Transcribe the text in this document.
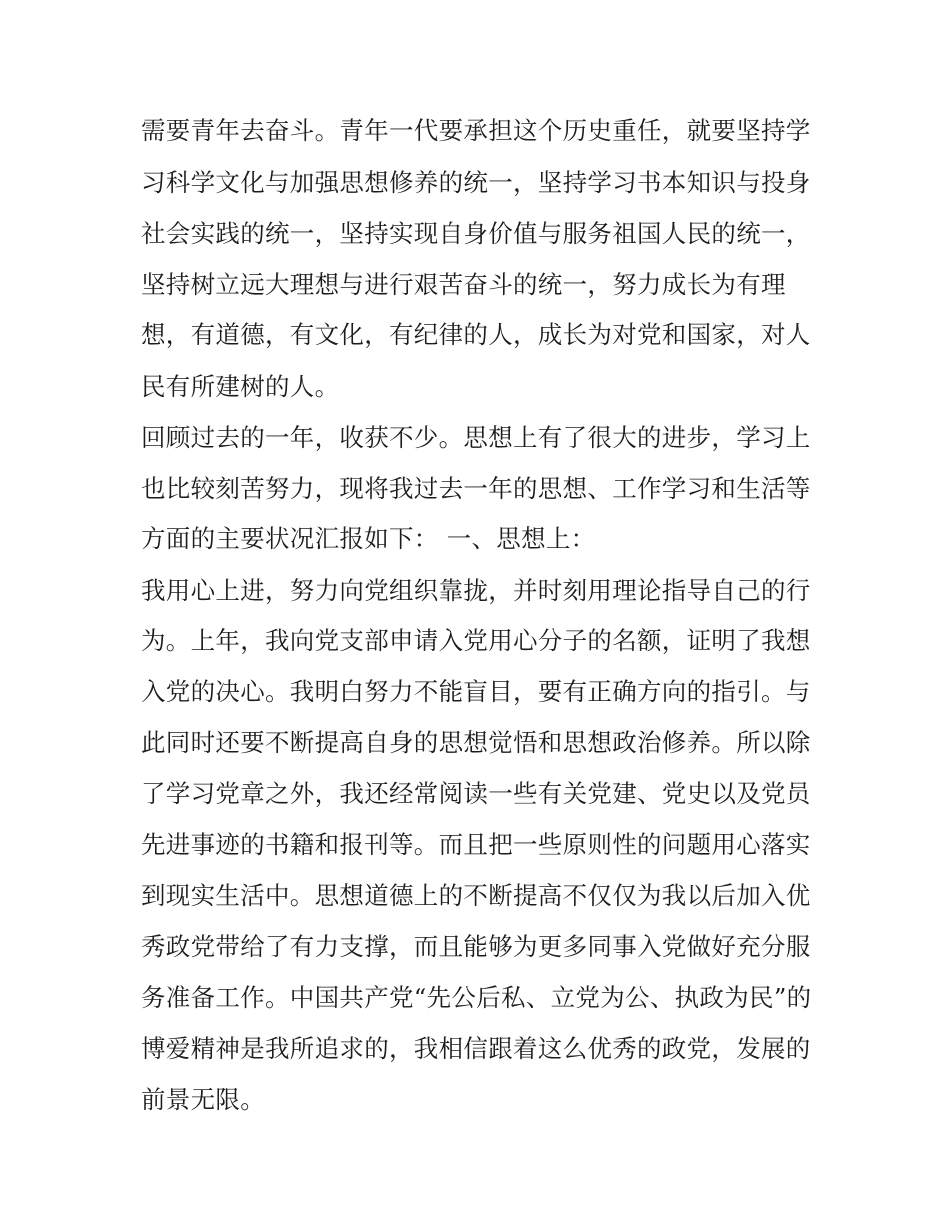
需要青年去奋斗。青年一代要承担这个历史重任，就要坚持学

习科学文化与加强思想修养的统一，坚持学习书本知识与投身

社会实践的统一，坚持实现自身价值与服务祖国人民的统一，

坚持树立远大理想与进行艰苦奋斗的统一，努力成长为有理

想，有道德，有文化，有纪律的人，成长为对党和国家，对人

民有所建树的人。

回顾过去的一年，收获不少。思想上有了很大的进步，学习上

也比较刻苦努力，现将我过去一年的思想、工作学习和生活等

方面的主要状况汇报如下： 一、思想上：

我用心上进，努力向党组织靠拢，并时刻用理论指导自己的行

为。上年，我向党支部申请入党用心分子的名额，证明了我想

入党的决心。我明白努力不能盲目，要有正确方向的指引。与

此同时还要不断提高自身的思想觉悟和思想政治修养。所以除

了学习党章之外，我还经常阅读一些有关党建、党史以及党员

先进事迹的书籍和报刊等。而且把一些原则性的问题用心落实

到现实生活中。思想道德上的不断提高不仅仅为我以后加入优

秀政党带给了有力支撑，而且能够为更多同事入党做好充分服

务准备工作。中国共产党“先公后私、立党为公、执政为民”的

博爱精神是我所追求的，我相信跟着这么优秀的政党，发展的

前景无限。
